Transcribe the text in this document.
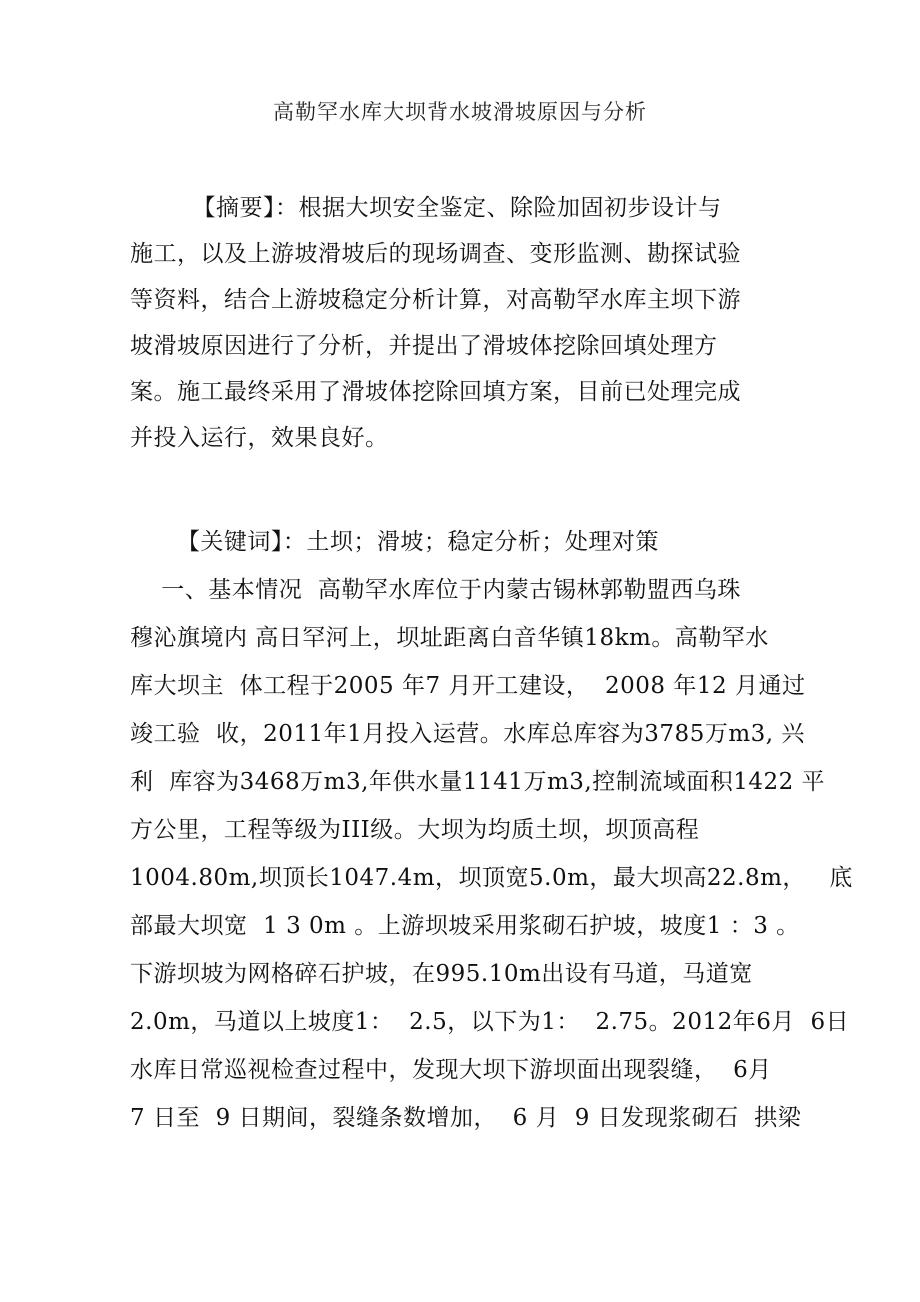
高勒罕水库大坝背水坡滑坡原因与分析
【摘要】：根据大坝安全鉴定、除险加固初步设计与
施工，以及上游坡滑坡后的现场调查、变形监测、勘探试验
等资料，结合上游坡稳定分析计算，对高勒罕水库主坝下游
坡滑坡原因进行了分析，并提出了滑坡体挖除回填处理方
案。施工最终采用了滑坡体挖除回填方案，目前已处理完成
并投入运行，效果良好。
【关键词】：土坝；滑坡；稳定分析；处理对策
一、基本情况  高勒罕水库位于内蒙古锡林郭勒盟西乌珠
穆沁旗境内 高日罕河上，坝址距离白音华镇18km。高勒罕水
库大坝主  体工程于2005 年7 月开工建设，  2008 年12 月通过
竣工验  收，2011年1月投入运营。水库总库容为3785万m3, 兴
利  库容为3468万m3,年供水量1141万m3,控制流域面积1422 平
方公里，工程等级为III级。大坝为均质土坝，坝顶高程
1004.80m,坝顶长1047.4m，坝顶宽5.0m，最大坝高22.8m，   底
部最大坝宽  1 3 0m 。上游坝坡采用浆砌石护坡，坡度1 ：3 。
下游坝坡为网格碎石护坡，在995.10m出设有马道，马道宽
2.0m，马道以上坡度1：  2.5，以下为1：  2.75。2012年6月  6日
水库日常巡视检查过程中，发现大坝下游坝面出现裂缝，  6月
7 日至  9 日期间，裂缝条数增加，  6 月  9 日发现浆砌石  拱梁
